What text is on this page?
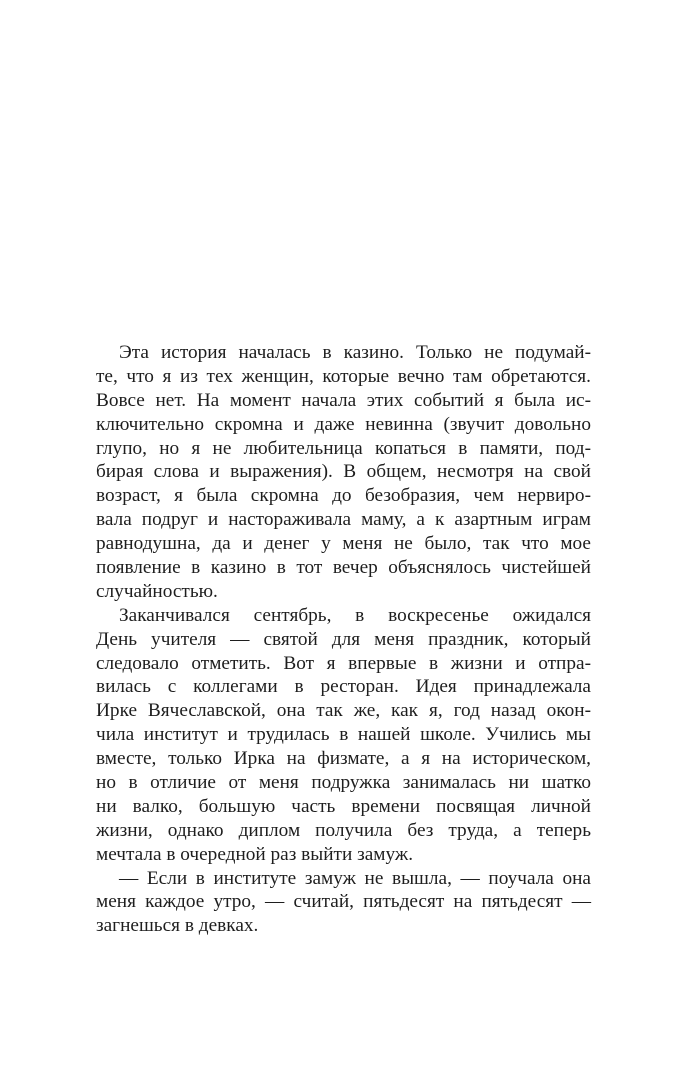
Эта история началась в казино. Только не подумай-
те, что я из тех женщин, которые вечно там обретаются.
Вовсе нет. На момент начала этих событий я была ис-
ключительно скромна и даже невинна (звучит довольно
глупо, но я не любительница копаться в памяти, под-
бирая слова и выражения). В общем, несмотря на свой
возраст, я была скромна до безобразия, чем нервиро-
вала подруг и настораживала маму, а к азартным играм
равнодушна, да и денег у меня не было, так что мое
появление в казино в тот вечер объяснялось чистейшей
случайностью.
Заканчивался сентябрь, в воскресенье ожидался
День учителя — святой для меня праздник, который
следовало отметить. Вот я впервые в жизни и отпра-
вилась с коллегами в ресторан. Идея принадлежала
Ирке Вячеславской, она так же, как я, год назад окон-
чила институт и трудилась в нашей школе. Учились мы
вместе, только Ирка на физмате, а я на историческом,
но в отличие от меня подружка занималась ни шатко
ни валко, большую часть времени посвящая личной
жизни, однако диплом получила без труда, а теперь
мечтала в очередной раз выйти замуж.
— Если в институте замуж не вышла, — поучала она
меня каждое утро, — считай, пятьдесят на пятьдесят —
загнешься в девках.
